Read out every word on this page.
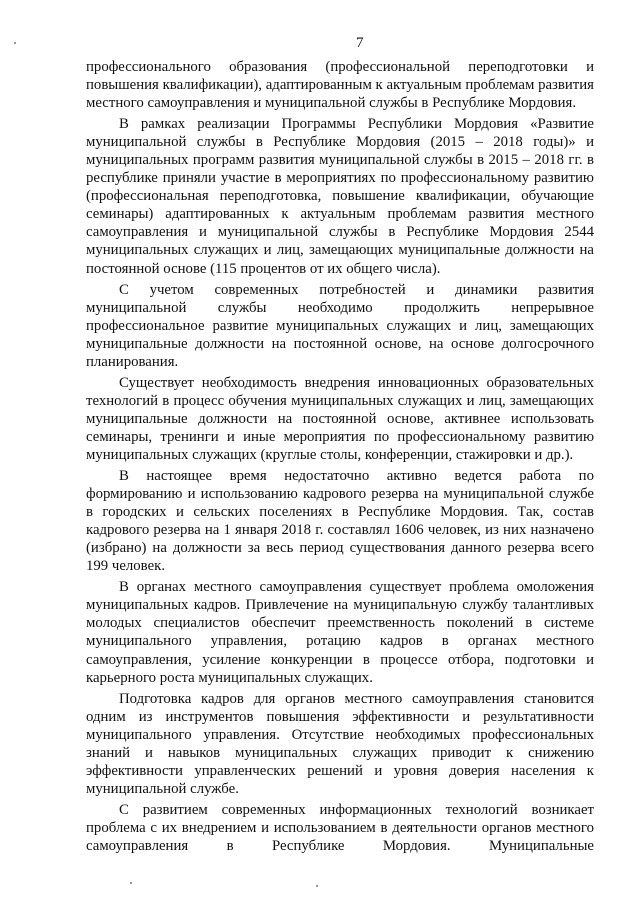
7

профессионального образования (профессиональной переподготовки и повышения квалификации), адаптированным к актуальным проблемам развития местного самоуправления и муниципальной службы в Республике Мордовия.

В рамках реализации Программы Республики Мордовия «Развитие муниципальной службы в Республике Мордовия (2015 – 2018 годы)» и муниципальных программ развития муниципальной службы в 2015 – 2018 гг. в республике приняли участие в мероприятиях по профессиональному развитию (профессиональная переподготовка, повышение квалификации, обучающие семинары) адаптированных к актуальным проблемам развития местного самоуправления и муниципальной службы в Республике Мордовия 2544 муниципальных служащих и лиц, замещающих муниципальные должности на постоянной основе (115 процентов от их общего числа).

С учетом современных потребностей и динамики развития муниципальной службы необходимо продолжить непрерывное профессиональное развитие муниципальных служащих и лиц, замещающих муниципальные должности на постоянной основе, на основе долгосрочного планирования.

Существует необходимость внедрения инновационных образовательных технологий в процесс обучения муниципальных служащих и лиц, замещающих муниципальные должности на постоянной основе, активнее использовать семинары, тренинги и иные мероприятия по профессиональному развитию муниципальных служащих (круглые столы, конференции, стажировки и др.).

В настоящее время недостаточно активно ведется работа по формированию и использованию кадрового резерва на муниципальной службе в городских и сельских поселениях в Республике Мордовия. Так, состав кадрового резерва на 1 января 2018 г. составлял 1606 человек, из них назначено (избрано) на должности за весь период существования данного резерва всего 199 человек.

В органах местного самоуправления существует проблема омоложения муниципальных кадров. Привлечение на муниципальную службу талантливых молодых специалистов обеспечит преемственность поколений в системе муниципального управления, ротацию кадров в органах местного самоуправления, усиление конкуренции в процессе отбора, подготовки и карьерного роста муниципальных служащих.

Подготовка кадров для органов местного самоуправления становится одним из инструментов повышения эффективности и результативности муниципального управления. Отсутствие необходимых профессиональных знаний и навыков муниципальных служащих приводит к снижению эффективности управленческих решений и уровня доверия населения к муниципальной службе.

С развитием современных информационных технологий возникает проблема с их внедрением и использованием в деятельности органов местного самоуправления в Республике Мордовия. Муниципальные
